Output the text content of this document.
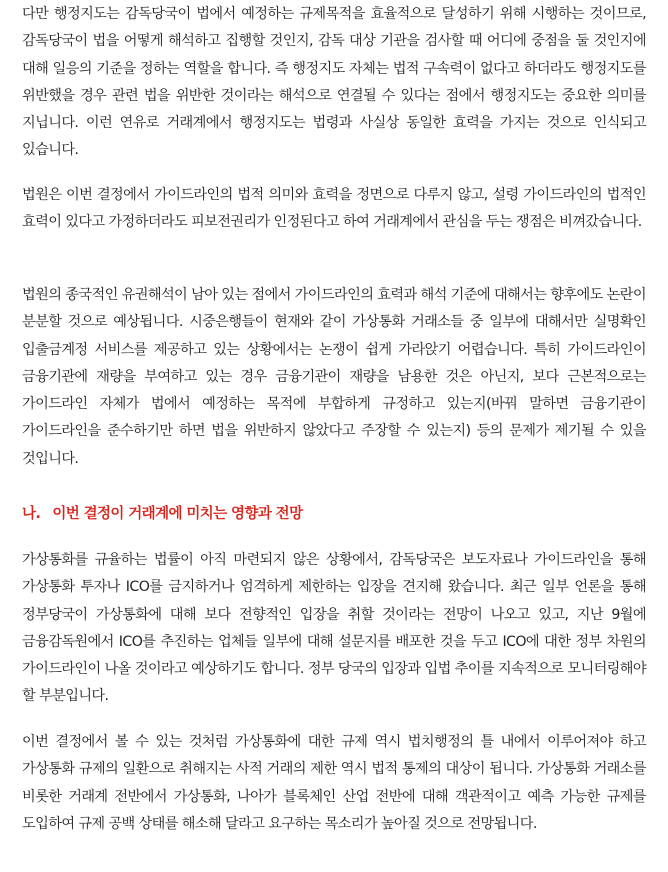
다만 행정지도는 감독당국이 법에서 예정하는 규제목적을 효율적으로 달성하기 위해 시행하는 것이므로, 감독당국이 법을 어떻게 해석하고 집행할 것인지, 감독 대상 기관을 검사할 때 어디에 중점을 둘 것인지에 대해 일응의 기준을 정하는 역할을 합니다. 즉 행정지도 자체는 법적 구속력이 없다고 하더라도 행정지도를 위반했을 경우 관련 법을 위반한 것이라는 해석으로 연결될 수 있다는 점에서 행정지도는 중요한 의미를 지닙니다. 이런 연유로 거래계에서 행정지도는 법령과 사실상 동일한 효력을 가지는 것으로 인식되고 있습니다.

법원은 이번 결정에서 가이드라인의 법적 의미와 효력을 정면으로 다루지 않고, 설령 가이드라인의 법적인 효력이 있다고 가정하더라도 피보전권리가 인정된다고 하여 거래계에서 관심을 두는 쟁점은 비껴갔습니다.

법원의 종국적인 유권해석이 남아 있는 점에서 가이드라인의 효력과 해석 기준에 대해서는 향후에도 논란이 분분할 것으로 예상됩니다. 시중은행들이 현재와 같이 가상통화 거래소들 중 일부에 대해서만 실명확인 입출금계정 서비스를 제공하고 있는 상황에서는 논쟁이 쉽게 가라앉기 어렵습니다. 특히 가이드라인이 금융기관에 재량을 부여하고 있는 경우 금융기관이 재량을 남용한 것은 아닌지, 보다 근본적으로는 가이드라인 자체가 법에서 예정하는 목적에 부합하게 규정하고 있는지(바꿔 말하면 금융기관이 가이드라인을 준수하기만 하면 법을 위반하지 않았다고 주장할 수 있는지) 등의 문제가 제기될 수 있을 것입니다.

나. 이번 결정이 거래계에 미치는 영향과 전망

가상통화를 규율하는 법률이 아직 마련되지 않은 상황에서, 감독당국은 보도자료나 가이드라인을 통해 가상통화 투자나 ICO를 금지하거나 엄격하게 제한하는 입장을 견지해 왔습니다. 최근 일부 언론을 통해 정부당국이 가상통화에 대해 보다 전향적인 입장을 취할 것이라는 전망이 나오고 있고, 지난 9월에 금융감독원에서 ICO를 추진하는 업체들 일부에 대해 설문지를 배포한 것을 두고 ICO에 대한 정부 차원의 가이드라인이 나올 것이라고 예상하기도 합니다. 정부 당국의 입장과 입법 추이를 지속적으로 모니터링해야 할 부분입니다.

이번 결정에서 볼 수 있는 것처럼 가상통화에 대한 규제 역시 법치행정의 틀 내에서 이루어져야 하고 가상통화 규제의 일환으로 취해지는 사적 거래의 제한 역시 법적 통제의 대상이 됩니다. 가상통화 거래소를 비롯한 거래계 전반에서 가상통화, 나아가 블록체인 산업 전반에 대해 객관적이고 예측 가능한 규제를 도입하여 규제 공백 상태를 해소해 달라고 요구하는 목소리가 높아질 것으로 전망됩니다.
